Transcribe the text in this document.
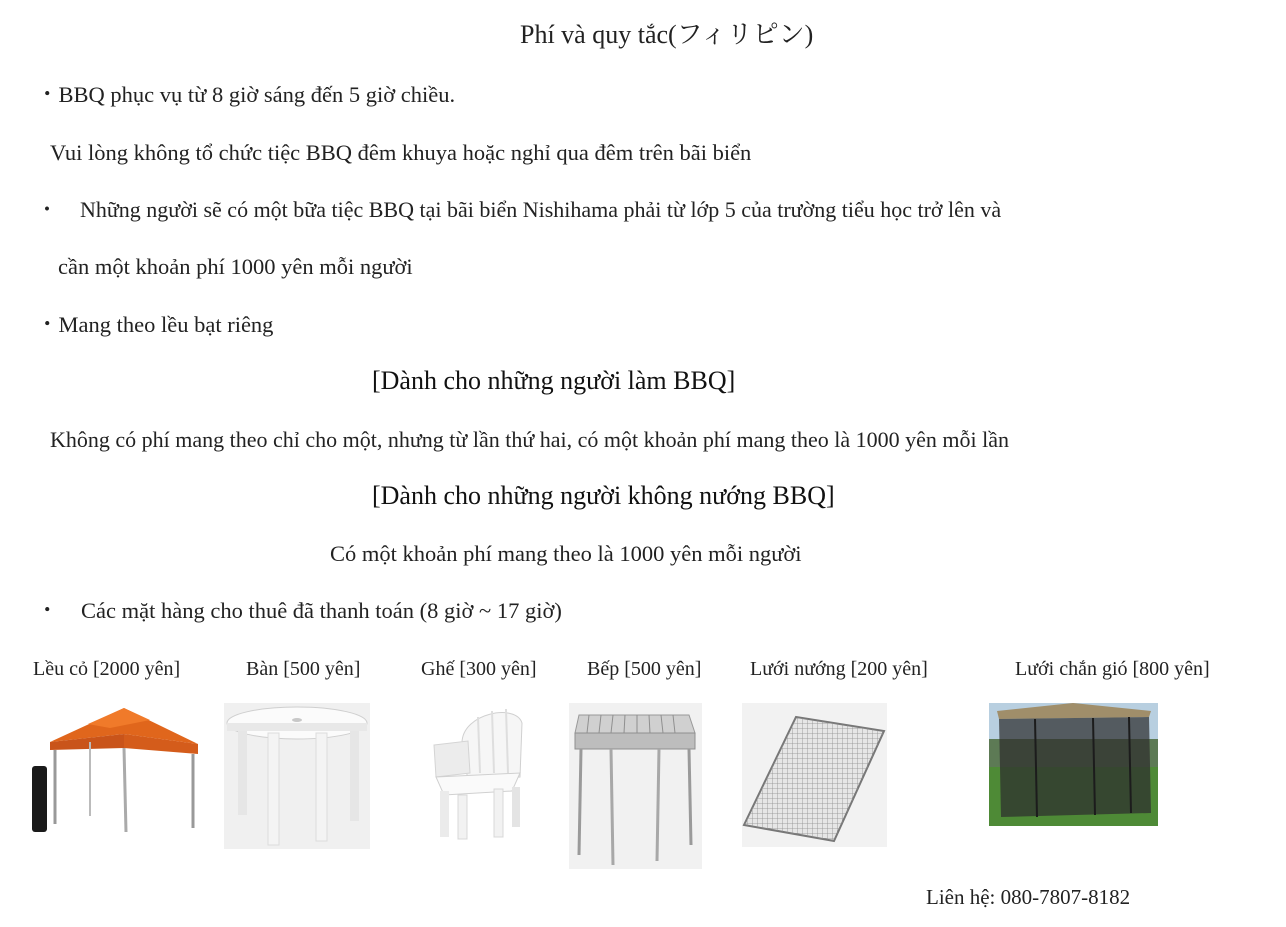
Phí và quy tắc(フィリピン)
・BBQ phục vụ từ 8 giờ sáng đến 5 giờ chiều.
Vui lòng không tổ chức tiệc BBQ đêm khuya hoặc nghỉ qua đêm trên bãi biển
・　Những người sẽ có một bữa tiệc BBQ tại bãi biển Nishihama phải từ lớp 5 của trường tiểu học trở lên và
cần một khoản phí 1000 yên mỗi người
・Mang theo lều bạt riêng
[Dành cho những người làm BBQ]
Không có phí mang theo chỉ cho một, nhưng từ lần thứ hai, có một khoản phí mang theo là 1000 yên mỗi lần
[Dành cho những người không nướng BBQ]
Có một khoản phí mang theo là 1000 yên mỗi người
・　Các mặt hàng cho thuê đã thanh toán (8 giờ ~ 17 giờ)
Lều cỏ [2000 yên]	Bàn [500 yên]	Ghế [300 yên]	Bếp [500 yên] Lưới nướng [200 yên]	Lưới chắn gió [800 yên]
Liên hệ: 080-7807-8182
